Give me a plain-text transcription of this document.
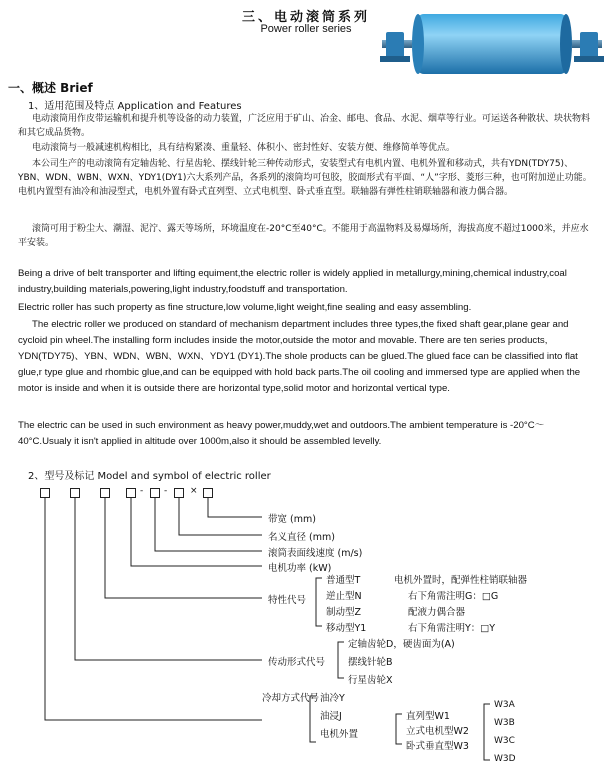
三、电动滚筒系列
Power roller series
一、概述 Brief
1、适用范围及特点 Application and Features
电动滚筒用作皮带运输机和提升机等设备的动力装置，广泛应用于矿山、冶金、邮电、食品、水泥、烟草等行业。可运送各种散状、块状物料和其它成品货物。
电动滚筒与一般减速机构相比，具有结构紧凑、重量轻、体积小、密封性好、安装方便、维修简单等优点。
本公司生产的电动滚筒有定轴齿轮、行星齿轮、摆线针轮三种传动形式，安装型式有电机内置、电机外置和移动式，共有YDN(TDY75)、YBN、WDN、WBN、WXN、YDY1(DY1)六大系列产品，各系列的滚筒均可包胶，胶面形式有平面、“人”字形、菱形三种，也可附加逆止功能。电机内置型有油冷和油浸型式，电机外置有卧式直列型、立式电机型、卧式垂直型。联轴器有弹性柱销联轴器和液力偶合器。
滚筒可用于粉尘大、潮湿、泥泞、露天等场所，环境温度在-20°C至40°C。不能用于高温物料及易爆场所，海拔高度不超过1000米，并应水平安装。
Being a drive of belt transporter and lifting equiment,the electric roller is widely applied in metallurgy,mining,chemical industry,coal industry,building materials,powering,light industry,foodstuff and transportation.
Electric roller has such property as fine structure,low volume,light weight,fine sealing and easy assembling.
The electric roller we produced on standard of mechanism department includes three types,the fixed shaft gear,plane gear and cycloid pin wheel.The installing form includes inside the motor,outside the motor and movable. There are ten series products, YDN(TDY75)、YBN、WDN、WBN、WXN、YDY1 (DY1).The shole products can be glued.The glued face can be classified into flat glue,r type glue and rhombic glue,and can be equipped with hold back parts.The oil cooling and immersed type are applied when the motor is inside and when it is outside there are horizontal type,solid motor and horizontal vertical type.
The electric can be used in such environment as heavy power,muddy,wet and outdoors.The ambient temperature is -20°C～40°C.Usualy it isn't applied in altitude over 1000m,also it should be assembled levelly.
2、型号及标记 Model and symbol of electric roller
- -	×
带宽 (mm)
名义直径 (mm)
滚筒表面线速度 (m/s)
电机功率 (kW)
特性代号
传动形式代号
冷却方式代号
普通型T
逆止型N
制动型Z
移动型Y1
电机外置时，配弹性柱销联轴器
右下角需注明G：□G
配液力偶合器
右下角需注明Y：□Y
定轴齿轮D，硬齿面为(A)
摆线针轮B
行星齿轮X
油冷Y
油浸J
电机外置
直列型W1
立式电机型W2
卧式垂直型W3
W3A
W3B
W3C
W3D
